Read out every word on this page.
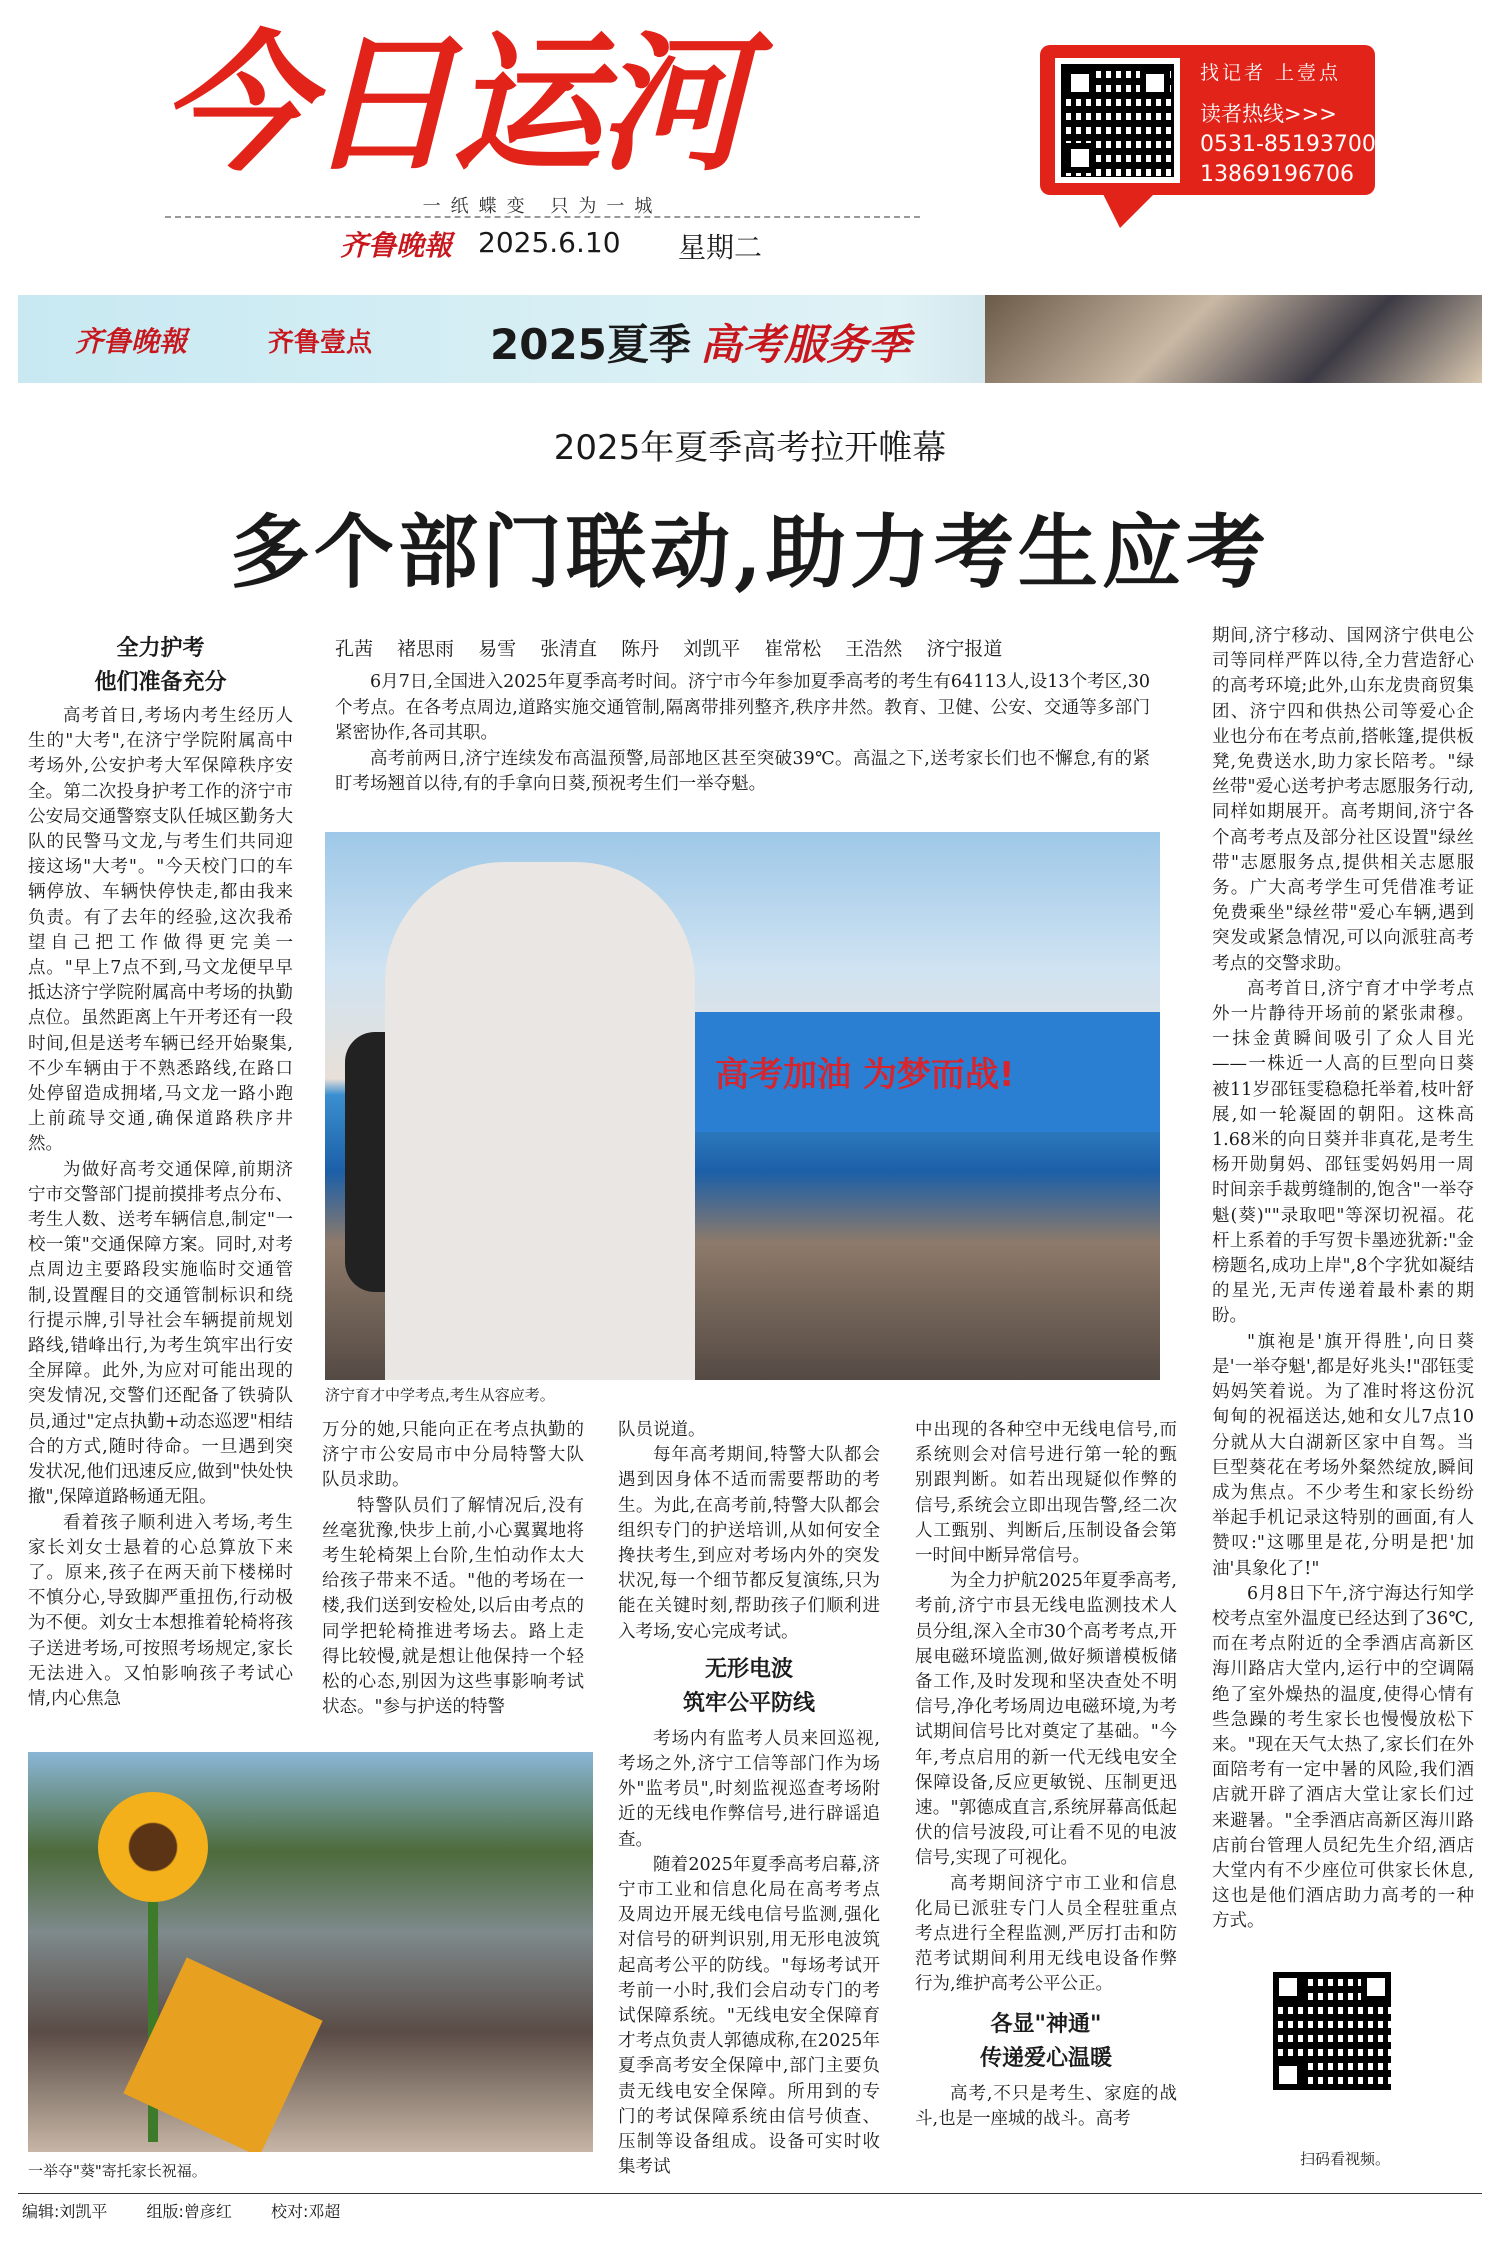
今日运河
一纸蝶变 只为一城
齐鲁晚報 2025.6.10 星期二
找记者 上壹点
读者热线>>>
0531-85193700
13869196706
齐鲁晚報	齐鲁壹点	2025夏季 高考服务季
2025年夏季高考拉开帷幕
多个部门联动,助力考生应考
孔茜 褚思雨 易雪 张清直 陈丹 刘凯平 崔常松 王浩然 济宁报道

6月7日,全国进入2025年夏季高考时间。济宁市今年参加夏季高考的考生有64113人,设13个考区,30个考点。在各考点周边,道路实施交通管制,隔离带排列整齐,秩序井然。教育、卫健、公安、交通等多部门紧密协作,各司其职。

高考前两日,济宁连续发布高温预警,局部地区甚至突破39℃。高温之下,送考家长们也不懈怠,有的紧盯考场翘首以待,有的手拿向日葵,预祝考生们一举夺魁。

全力护考
他们准备充分

高考首日,考场内考生经历人生的"大考",在济宁学院附属高中考场外,公安护考大军保障秩序安全。第二次投身护考工作的济宁市公安局交通警察支队任城区勤务大队的民警马文龙,与考生们共同迎接这场"大考"。"今天校门口的车辆停放、车辆快停快走,都由我来负责。有了去年的经验,这次我希望自己把工作做得更完美一点。"早上7点不到,马文龙便早早抵达济宁学院附属高中考场的执勤点位。虽然距离上午开考还有一段时间,但是送考车辆已经开始聚集,不少车辆由于不熟悉路线,在路口处停留造成拥堵,马文龙一路小跑上前疏导交通,确保道路秩序井然。

为做好高考交通保障,前期济宁市交警部门提前摸排考点分布、考生人数、送考车辆信息,制定"一校一策"交通保障方案。同时,对考点周边主要路段实施临时交通管制,设置醒目的交通管制标识和绕行提示牌,引导社会车辆提前规划路线,错峰出行,为考生筑牢出行安全屏障。此外,为应对可能出现的突发情况,交警们还配备了铁骑队员,通过"定点执勤+动态巡逻"相结合的方式,随时待命。一旦遇到突发状况,他们迅速反应,做到"快处快撤",保障道路畅通无阻。

看着孩子顺利进入考场,考生家长刘女士悬着的心总算放下来了。原来,孩子在两天前下楼梯时不慎分心,导致脚严重扭伤,行动极为不便。刘女士本想推着轮椅将孩子送进考场,可按照考场规定,家长无法进入。又怕影响孩子考试心情,内心焦急

高考加油 为梦而战!
济宁育才中学考点,考生从容应考。

万分的她,只能向正在考点执勤的济宁市公安局市中分局特警大队队员求助。

特警队员们了解情况后,没有丝毫犹豫,快步上前,小心翼翼地将考生轮椅架上台阶,生怕动作太大给孩子带来不适。"他的考场在一楼,我们送到安检处,以后由考点的同学把轮椅推进考场去。路上走得比较慢,就是想让他保持一个轻松的心态,别因为这些事影响考试状态。"参与护送的特警

队员说道。

每年高考期间,特警大队都会遇到因身体不适而需要帮助的考生。为此,在高考前,特警大队都会组织专门的护送培训,从如何安全搀扶考生,到应对考场内外的突发状况,每一个细节都反复演练,只为能在关键时刻,帮助孩子们顺利进入考场,安心完成考试。

无形电波
筑牢公平防线

考场内有监考人员来回巡视,考场之外,济宁工信等部门作为场外"监考员",时刻监视巡查考场附近的无线电作弊信号,进行辟谣追查。

随着2025年夏季高考启幕,济宁市工业和信息化局在高考考点及周边开展无线电信号监测,强化对信号的研判识别,用无形电波筑起高考公平的防线。"每场考试开考前一小时,我们会启动专门的考试保障系统。"无线电安全保障育才考点负责人郭德成称,在2025年夏季高考安全保障中,部门主要负责无线电安全保障。所用到的专门的考试保障系统由信号侦查、压制等设备组成。设备可实时收集考试

中出现的各种空中无线电信号,而系统则会对信号进行第一轮的甄别跟判断。如若出现疑似作弊的信号,系统会立即出现告警,经二次人工甄别、判断后,压制设备会第一时间中断异常信号。

为全力护航2025年夏季高考,考前,济宁市县无线电监测技术人员分组,深入全市30个高考考点,开展电磁环境监测,做好频谱模板储备工作,及时发现和坚决查处不明信号,净化考场周边电磁环境,为考试期间信号比对奠定了基础。"今年,考点启用的新一代无线电安全保障设备,反应更敏锐、压制更迅速。"郭德成直言,系统屏幕高低起伏的信号波段,可让看不见的电波信号,实现了可视化。

高考期间济宁市工业和信息化局已派驻专门人员全程驻重点考点进行全程监测,严厉打击和防范考试期间利用无线电设备作弊行为,维护高考公平公正。

各显"神通"
传递爱心温暖

高考,不只是考生、家庭的战斗,也是一座城的战斗。高考

期间,济宁移动、国网济宁供电公司等同样严阵以待,全力营造舒心的高考环境;此外,山东龙贵商贸集团、济宁四和供热公司等爱心企业也分布在考点前,搭帐篷,提供板凳,免费送水,助力家长陪考。"绿丝带"爱心送考护考志愿服务行动,同样如期展开。高考期间,济宁各个高考考点及部分社区设置"绿丝带"志愿服务点,提供相关志愿服务。广大高考学生可凭借准考证免费乘坐"绿丝带"爱心车辆,遇到突发或紧急情况,可以向派驻高考考点的交警求助。

高考首日,济宁育才中学考点外一片静待开场前的紧张肃穆。一抹金黄瞬间吸引了众人目光——一株近一人高的巨型向日葵被11岁邵钰雯稳稳托举着,枝叶舒展,如一轮凝固的朝阳。这株高1.68米的向日葵并非真花,是考生杨开勋舅妈、邵钰雯妈妈用一周时间亲手裁剪缝制的,饱含"一举夺魁(葵)""录取吧"等深切祝福。花杆上系着的手写贺卡墨迹犹新:"金榜题名,成功上岸",8个字犹如凝结的星光,无声传递着最朴素的期盼。

"旗袍是'旗开得胜',向日葵是'一举夺魁',都是好兆头!"邵钰雯妈妈笑着说。为了准时将这份沉甸甸的祝福送达,她和女儿7点10分就从大白湖新区家中自驾。当巨型葵花在考场外粲然绽放,瞬间成为焦点。不少考生和家长纷纷举起手机记录这特别的画面,有人赞叹:"这哪里是花,分明是把'加油'具象化了!"

6月8日下午,济宁海达行知学校考点室外温度已经达到了36℃,而在考点附近的全季酒店高新区海川路店大堂内,运行中的空调隔绝了室外燥热的温度,使得心情有些急躁的考生家长也慢慢放松下来。"现在天气太热了,家长们在外面陪考有一定中暑的风险,我们酒店就开辟了酒店大堂让家长们过来避暑。"全季酒店高新区海川路店前台管理人员纪先生介绍,酒店大堂内有不少座位可供家长休息,这也是他们酒店助力高考的一种方式。

一举夺"葵"寄托家长祝福。
扫码看视频。
编辑:刘凯平 组版:曾彦红 校对:邓超
